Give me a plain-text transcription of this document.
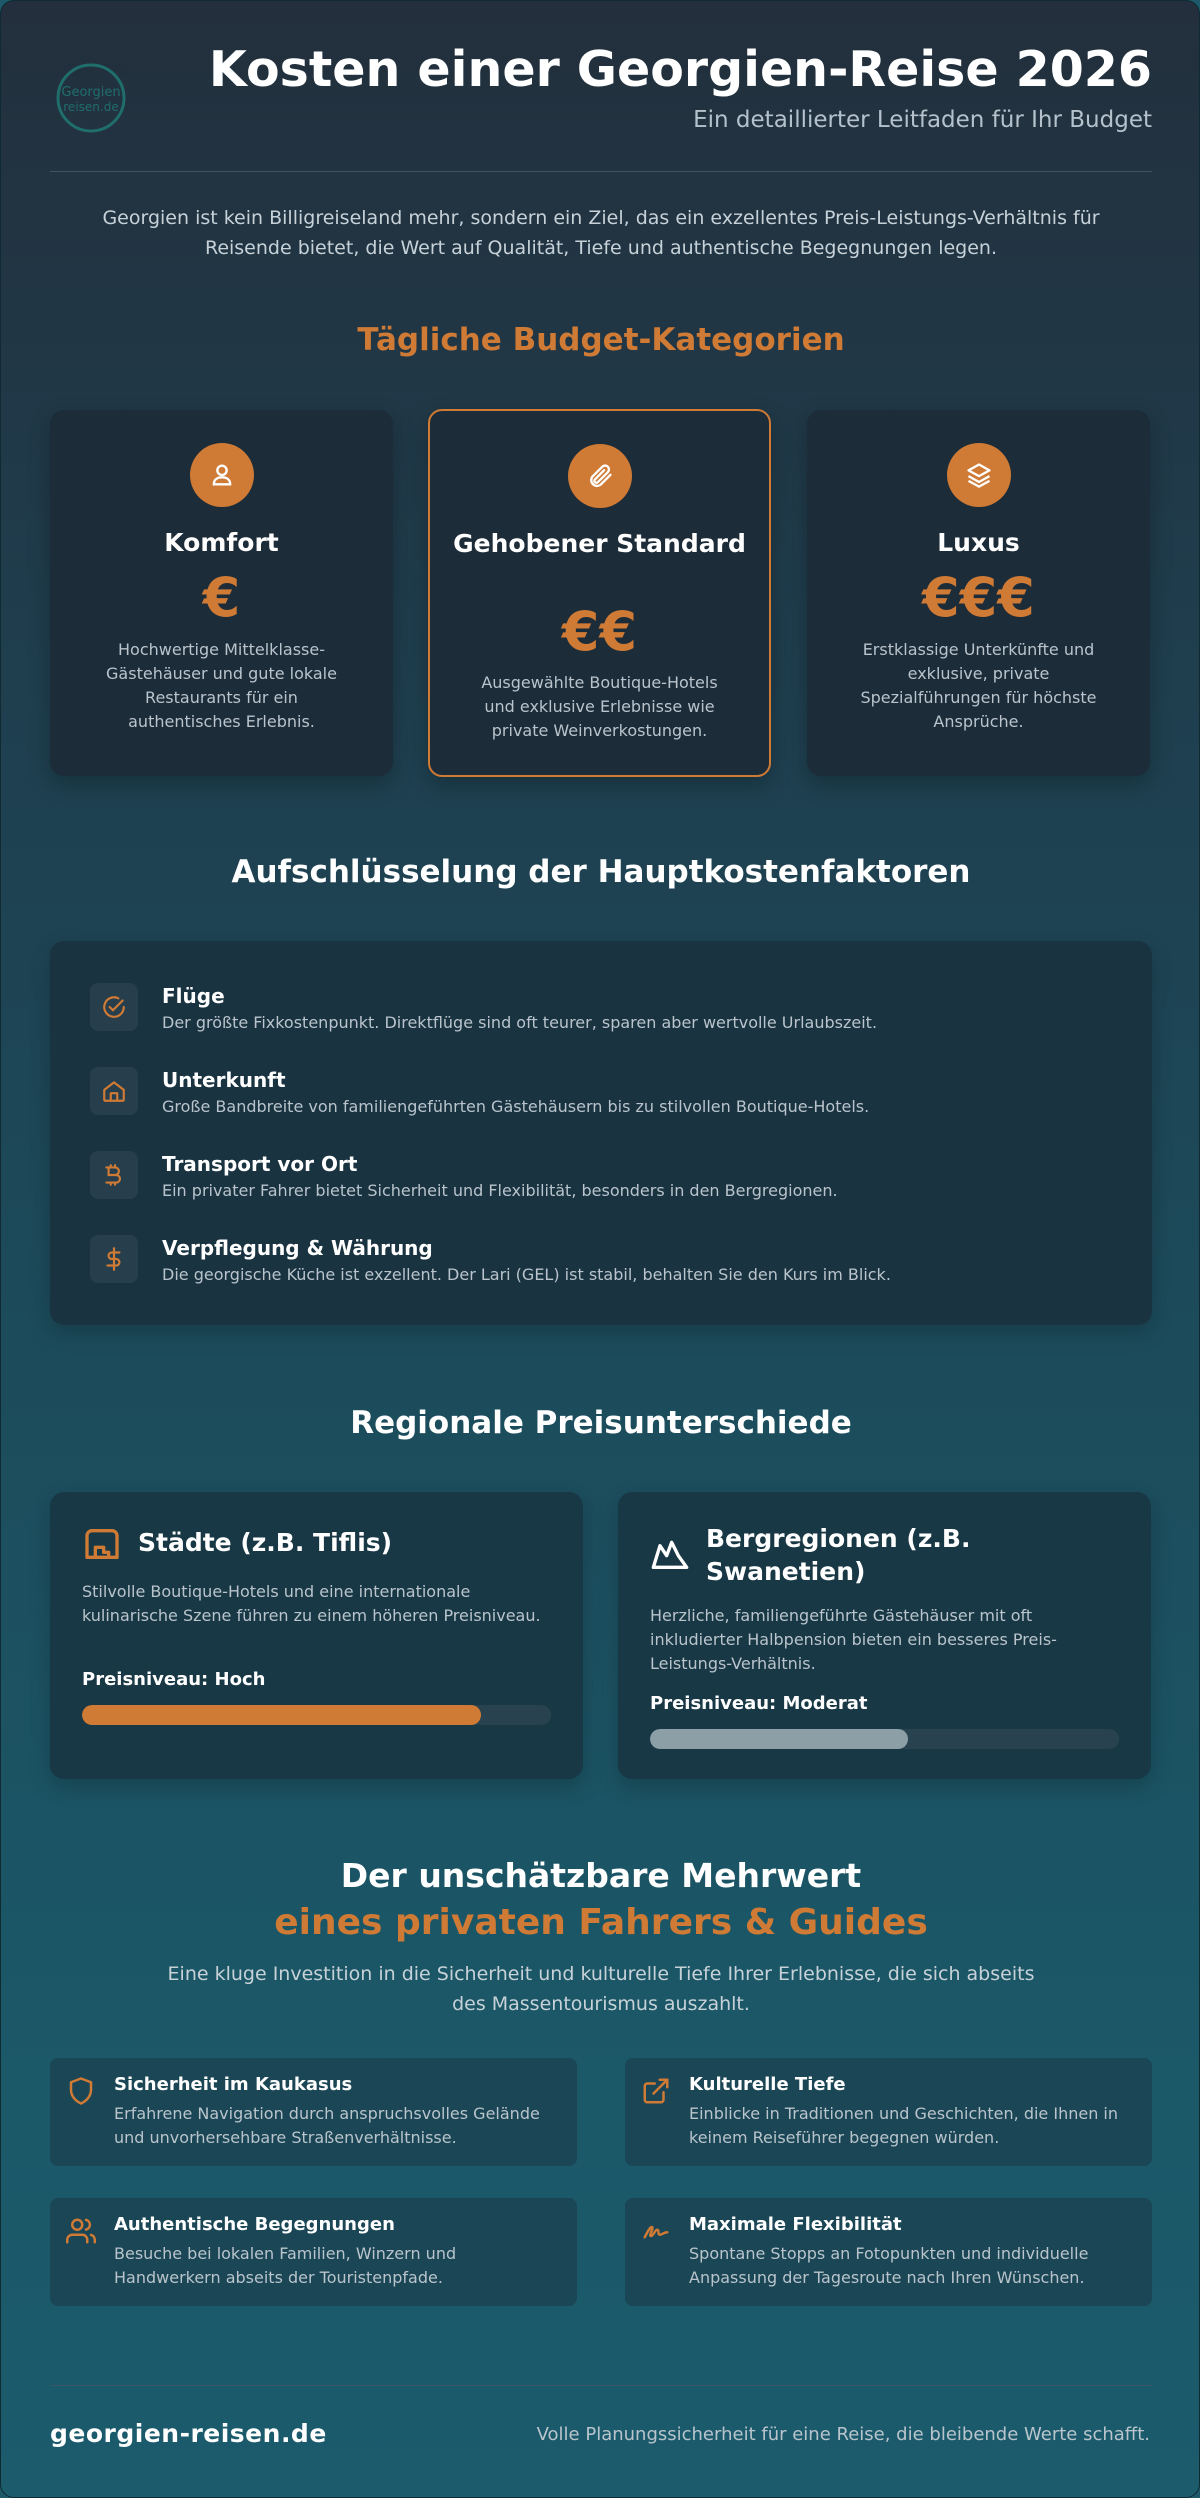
Georgien
reisen.de
Kosten einer Georgien-Reise 2026
Ein detaillierter Leitfaden für Ihr Budget
Georgien ist kein Billigreiseland mehr, sondern ein Ziel, das ein exzellentes Preis-Leistungs-Verhältnis für Reisende bietet, die Wert auf Qualität, Tiefe und authentische Begegnungen legen.
Tägliche Budget-Kategorien
Komfort
€
Hochwertige Mittelklasse-Gästehäuser und gute lokale Restaurants für ein authentisches Erlebnis.
Gehobener Standard
€€
Ausgewählte Boutique-Hotels und exklusive Erlebnisse wie private Weinverkostungen.
Luxus
€€€
Erstklassige Unterkünfte und exklusive, private Spezialführungen für höchste Ansprüche.
Aufschlüsselung der Hauptkostenfaktoren
Flüge
Der größte Fixkostenpunkt. Direktflüge sind oft teurer, sparen aber wertvolle Urlaubszeit.
Unterkunft
Große Bandbreite von familiengeführten Gästehäusern bis zu stilvollen Boutique-Hotels.
Transport vor Ort
Ein privater Fahrer bietet Sicherheit und Flexibilität, besonders in den Bergregionen.
Verpflegung & Währung
Die georgische Küche ist exzellent. Der Lari (GEL) ist stabil, behalten Sie den Kurs im Blick.
Regionale Preisunterschiede
Städte (z.B. Tiflis)
Stilvolle Boutique-Hotels und eine internationale kulinarische Szene führen zu einem höheren Preisniveau.
Preisniveau: Hoch
Bergregionen (z.B. Swanetien)
Herzliche, familiengeführte Gästehäuser mit oft inkludierter Halbpension bieten ein besseres Preis-Leistungs-Verhältnis.
Preisniveau: Moderat
Der unschätzbare Mehrwert
eines privaten Fahrers & Guides
Eine kluge Investition in die Sicherheit und kulturelle Tiefe Ihrer Erlebnisse, die sich abseits des Massentourismus auszahlt.
Sicherheit im Kaukasus
Erfahrene Navigation durch anspruchsvolles Gelände und unvorhersehbare Straßenverhältnisse.
Kulturelle Tiefe
Einblicke in Traditionen und Geschichten, die Ihnen in keinem Reiseführer begegnen würden.
Authentische Begegnungen
Besuche bei lokalen Familien, Winzern und Handwerkern abseits der Touristenpfade.
Maximale Flexibilität
Spontane Stopps an Fotopunkten und individuelle Anpassung der Tagesroute nach Ihren Wünschen.
georgien-reisen.de	Volle Planungssicherheit für eine Reise, die bleibende Werte schafft.
